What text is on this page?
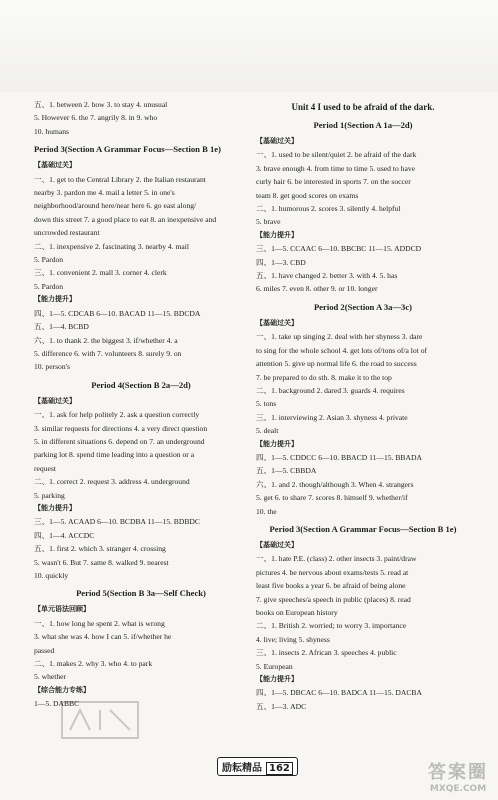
五、1. between 2. how 3. to stay 4. unusual
5. However 6. the 7. angrily 8. in 9. who
10. humans
Period 3(Section A Grammar Focus—Section B 1e)
【基础过关】
一、1. get to the Central Library 2. the Italian restaurant
nearby 3. pardon me 4. mail a letter 5. in one's
neighborhood/around here/near here 6. go east along/
down this street 7. a good place to eat 8. an inexpensive and
uncrowded restaurant
二、1. inexpensive 2. fascinating 3. nearby 4. mail
5. Pardon
三、1. convenient 2. mall 3. corner 4. clerk
5. Pardon
【能力提升】
四、1—5. CDCAB 6—10. BACAD 11—15. BDCDA
五、1—4. BCBD
六、1. to thank 2. the biggest 3. if/whether 4. a
5. difference 6. with 7. volunteers 8. surely 9. on
10. person's
Period 4(Section B 2a—2d)
【基础过关】
一、1. ask for help politely 2. ask a question correctly
3. similar requests for directions 4. a very direct question
5. in different situations 6. depend on 7. an underground
parking lot 8. spend time leading into a question or a
request
二、1. correct 2. request 3. address 4. underground
5. parking
【能力提升】
三、1—5. ACAAD 6—10. BCDBA 11—15. BDBDC
四、1—4. ACCDC
五、1. first 2. which 3. stranger 4. crossing
5. wasn't 6. But 7. same 8. walked 9. nearest
10. quickly
Period 5(Section B 3a—Self Check)
【单元语法回顾】
一、1. how long he spent 2. what is wrong
3. what she was 4. how I can 5. if/whether he
passed
二、1. makes 2. why 3. who 4. to park
5. whether
【综合能力专练】
1—5. DABBC
Unit 4 I used to be afraid of the dark.
Period 1(Section A 1a—2d)
【基础过关】
一、1. used to be silent/quiet 2. be afraid of the dark
3. brave enough 4. from time to time 5. used to have
curly hair 6. be interested in sports 7. on the soccer
team 8. get good scores on exams
二、1. humorous 2. scores 3. silently 4. helpful
5. brave
【能力提升】
三、1—5. CCAAC 6—10. BBCBC 11—15. ADDCD
四、1—3. CBD
五、1. have changed 2. better 3. with 4. 5. has
6. miles 7. even 8. other 9. or 10. longer
Period 2(Section A 3a—3c)
【基础过关】
一、1. take up singing 2. deal with her shyness 3. dare
to sing for the whole school 4. get lots of/tons of/a lot of
attention 5. give up normal life 6. the road to success
7. be prepared to do sth. 8. make it to the top
二、1. background 2. dared 3. guards 4. requires
5. tons
三、1. interviewing 2. Asian 3. shyness 4. private
5. dealt
【能力提升】
四、1—5. CDDCC 6—10. BBACD 11—15. BBADA
五、1—5. CBBDA
六、1. and 2. though/although 3. When 4. strangers
5. get 6. to share 7. scores 8. himself 9. whether/if
10. the
Period 3(Section A Grammar Focus—Section B 1e)
【基础过关】
一、1. hate P.E. (class) 2. other insects 3. paint/draw
pictures 4. be nervous about exams/tests 5. read at
least five books a year 6. be afraid of being alone
7. give speeches/a speech in public (places) 8. read
books on European history
二、1. British 2. worried; to worry 3. importance
4. live; living 5. shyness
三、1. insects 2. African 3. speeches 4. public
5. European
【能力提升】
四、1—5. DBCAC 6—10. BADCA 11—15. DACBA
五、1—3. ADC
励耘精品 162	答案圈
MXQE.COM
